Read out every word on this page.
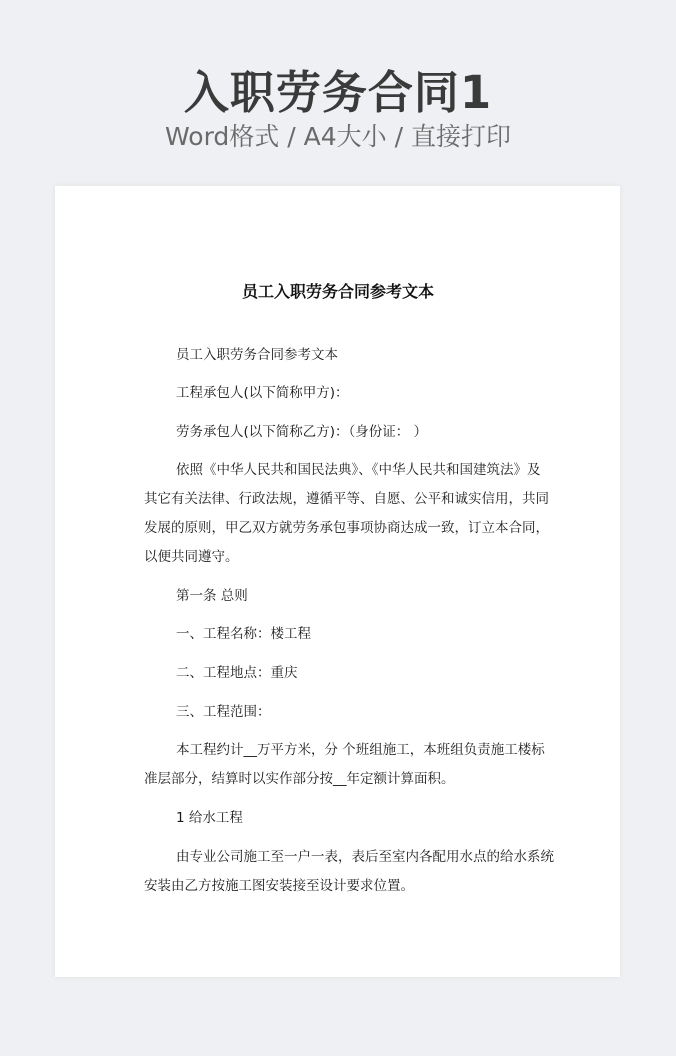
入职劳务合同1
Word格式 / A4大小 / 直接打印
员工入职劳务合同参考文本
员工入职劳务合同参考文本
工程承包人(以下简称甲方)：
劳务承包人(以下简称乙方)：（身份证： ）
依照《中华人民共和国民法典》、《中华人民共和国建筑法》及
其它有关法律、行政法规，遵循平等、自愿、公平和诚实信用，共同
发展的原则，甲乙双方就劳务承包事项协商达成一致，订立本合同，
以便共同遵守。
第一条 总则
一、工程名称：楼工程
二、工程地点：重庆
三、工程范围：
本工程约计__万平方米，分 个班组施工，本班组负责施工楼标
准层部分，结算时以实作部分按__年定额计算面积。
1 给水工程
由专业公司施工至一户一表，表后至室内各配用水点的给水系统
安装由乙方按施工图安装接至设计要求位置。
